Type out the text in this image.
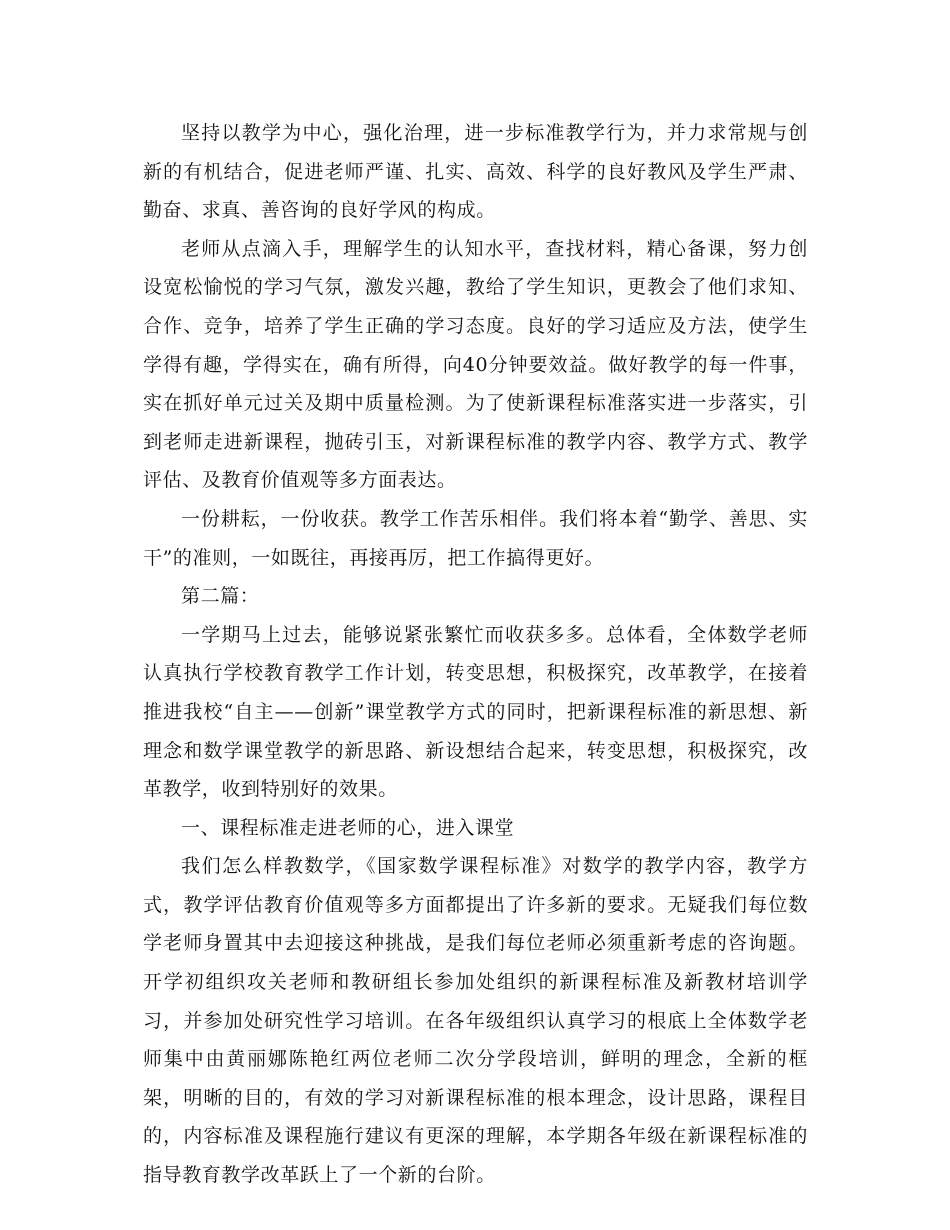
坚持以教学为中心，强化治理，进一步标准教学行为，并力求常规与创新的有机结合，促进老师严谨、扎实、高效、科学的良好教风及学生严肃、勤奋、求真、善咨询的良好学风的构成。

老师从点滴入手，理解学生的认知水平，查找材料，精心备课，努力创设宽松愉悦的学习气氛，激发兴趣，教给了学生知识，更教会了他们求知、合作、竞争，培养了学生正确的学习态度。良好的学习适应及方法，使学生学得有趣，学得实在，确有所得，向40分钟要效益。做好教学的每一件事，实在抓好单元过关及期中质量检测。为了使新课程标准落实进一步落实，引到老师走进新课程，抛砖引玉，对新课程标准的教学内容、教学方式、教学评估、及教育价值观等多方面表达。

一份耕耘，一份收获。教学工作苦乐相伴。我们将本着“勤学、善思、实干”的准则，一如既往，再接再厉，把工作搞得更好。

第二篇：

一学期马上过去，能够说紧张繁忙而收获多多。总体看，全体数学老师认真执行学校教育教学工作计划，转变思想，积极探究，改革教学，在接着推进我校“自主——创新”课堂教学方式的同时，把新课程标准的新思想、新理念和数学课堂教学的新思路、新设想结合起来，转变思想，积极探究，改革教学，收到特别好的效果。

一、课程标准走进老师的心，进入课堂

我们怎么样教数学，《国家数学课程标准》对数学的教学内容，教学方式，教学评估教育价值观等多方面都提出了许多新的要求。无疑我们每位数学老师身置其中去迎接这种挑战，是我们每位老师必须重新考虑的咨询题。开学初组织攻关老师和教研组长参加处组织的新课程标准及新教材培训学习，并参加处研究性学习培训。在各年级组织认真学习的根底上全体数学老师集中由黄丽娜陈艳红两位老师二次分学段培训，鲜明的理念，全新的框架，明晰的目的，有效的学习对新课程标准的根本理念，设计思路，课程目的，内容标准及课程施行建议有更深的理解，本学期各年级在新课程标准的指导教育教学改革跃上了一个新的台阶。
